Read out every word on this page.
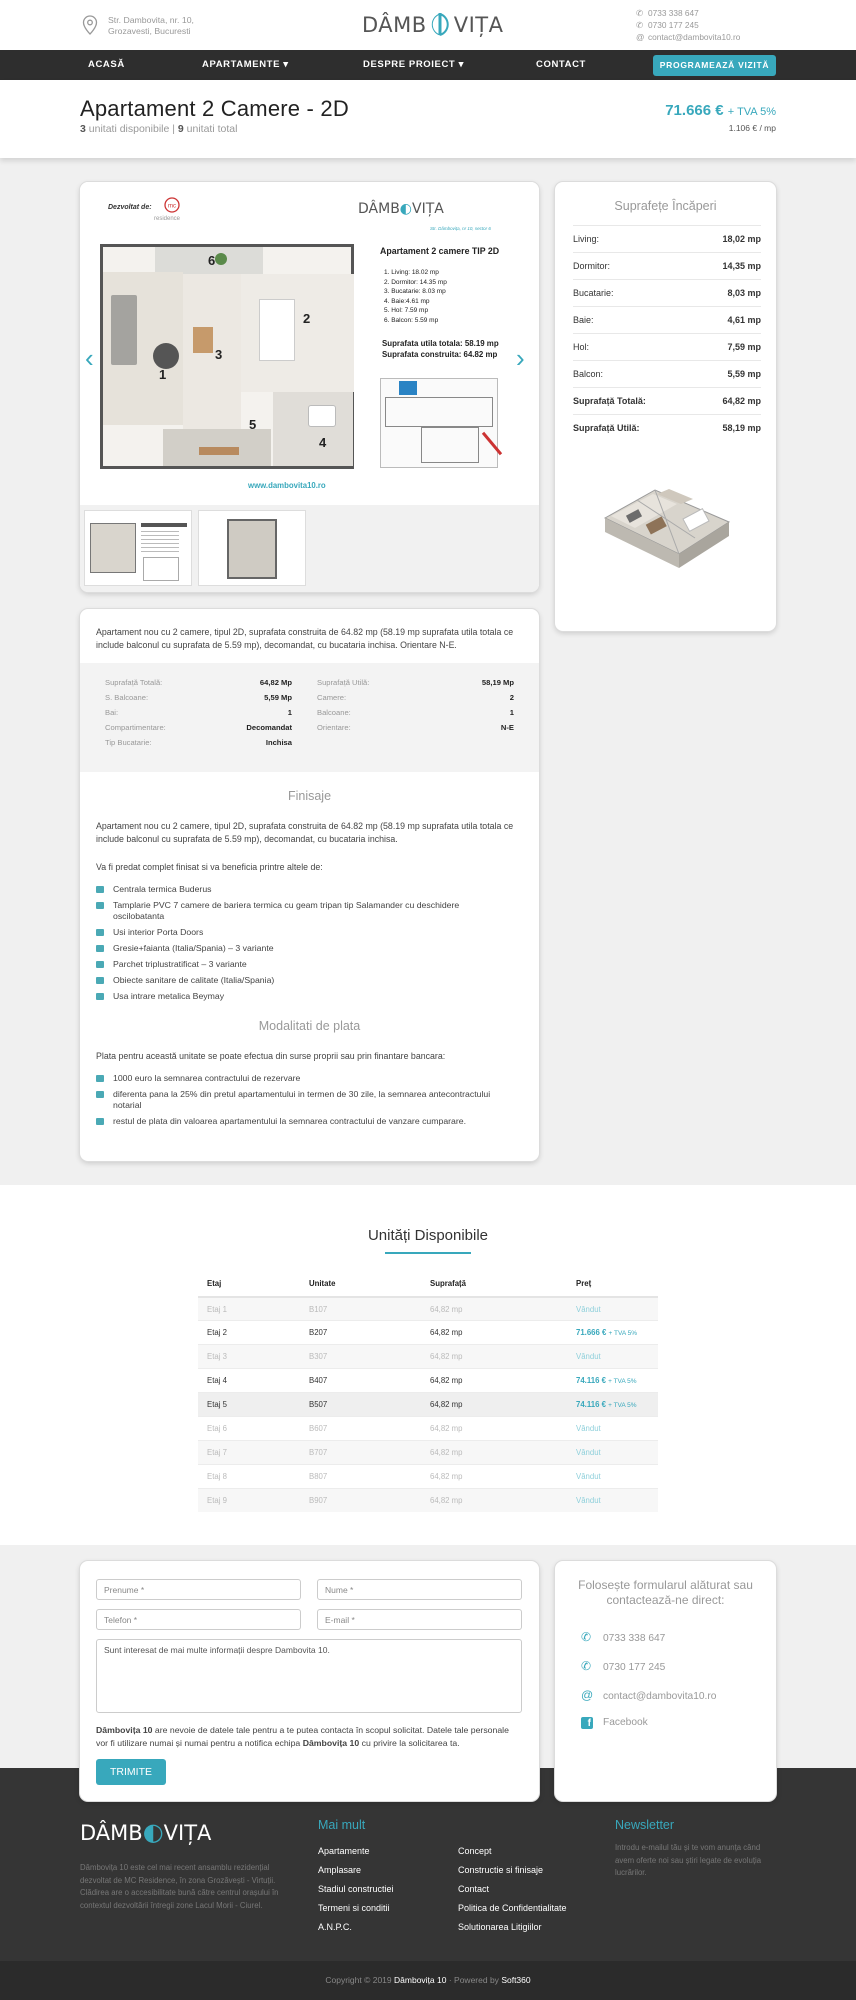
Str. Dambovita, nr. 10,
Grozavesti, Bucuresti	DÂMB VIȚA	✆ 0733 338 647
✆ 0730 177 245
@ contact@dambovita10.ro
ACASĂ	APARTAMENTE ▾	DESPRE PROIECT ▾	CONTACT	PROGRAMEAZĂ VIZITĂ
Apartament 2 Camere - 2D
3 unitati disponibile | 9 unitati total
71.666 € + TVA 5%
1.106 € / mp
Dezvoltat de:	mc
residence
DÂMB◐VIȚA
Str. Dâmbovița, nr 10, sector 6
6
2
3
1
5
4
Apartament 2 camere TIP 2D
1. Living: 18.02 mp
2. Dormitor: 14.35 mp
3. Bucatarie: 8.03 mp
4. Baie:4.61 mp
5. Hol: 7.59 mp
6. Balcon: 5.59 mp
Suprafata utila totala: 58.19 mp
Suprafata construita: 64.82 mp
www.dambovita10.ro
‹	›
Suprafețe Încăperi
Living:	18,02 mp
Dormitor:	14,35 mp
Bucatarie:	8,03 mp
Baie:	4,61 mp
Hol:	7,59 mp
Balcon:	5,59 mp
Suprafață Totală:	64,82 mp
Suprafață Utilă:	58,19 mp
Apartament nou cu 2 camere, tipul 2D, suprafata construita de 64.82 mp (58.19 mp suprafata utila totala ce include balconul cu suprafata de 5.59 mp), decomandat, cu bucataria inchisa. Orientare N-E.
Suprafață Totală:	64,82 Mp
S. Balcoane:	5,59 Mp
Bai:	1
Compartimentare:	Decomandat
Tip Bucatarie:	Inchisa
Suprafață Utilă:	58,19 Mp
Camere:	2
Balcoane:	1
Orientare:	N-E
Finisaje
Apartament nou cu 2 camere, tipul 2D, suprafata construita de 64.82 mp (58.19 mp suprafata utila totala ce include balconul cu suprafata de 5.59 mp), decomandat, cu bucataria inchisa.
Va fi predat complet finisat si va beneficia printre altele de:
Centrala termica Buderus
Tamplarie PVC 7 camere de bariera termica cu geam tripan tip Salamander cu deschidere oscilobatanta
Usi interior Porta Doors
Gresie+faianta (Italia/Spania) – 3 variante
Parchet triplustratificat – 3 variante
Obiecte sanitare de calitate (Italia/Spania)
Usa intrare metalica Beymay
Modalitati de plata
Plata pentru această unitate se poate efectua din surse proprii sau prin finantare bancara:
1000 euro la semnarea contractului de rezervare
diferenta pana la 25% din pretul apartamentului in termen de 30 zile, la semnarea antecontractului notarial
restul de plata din valoarea apartamentului la semnarea contractului de vanzare cumparare.
Unități Disponibile
Etaj	Unitate	Suprafață	Preț
Etaj 1	B107	64,82 mp	Vândut
Etaj 2	B207	64,82 mp	71.666 € + TVA 5%
Etaj 3	B307	64,82 mp	Vândut
Etaj 4	B407	64,82 mp	74.116 € + TVA 5%
Etaj 5	B507	64,82 mp	74.116 € + TVA 5%
Etaj 6	B607	64,82 mp	Vândut
Etaj 7	B707	64,82 mp	Vândut
Etaj 8	B807	64,82 mp	Vândut
Etaj 9	B907	64,82 mp	Vândut
DÂMB◐VIȚA
Dâmbovița 10 este cel mai recent ansamblu rezidențial dezvoltat de MC Residence, în zona Grozăvești - Virtuții. Clădirea are o accesibilitate bună către centrul orașului în contextul dezvoltării întregii zone Lacul Morii - Ciurel.
Mai mult
Apartamente
Amplasare
Stadiul constructiei
Termeni si conditii
A.N.P.C.
Concept
Constructie si finisaje
Contact
Politica de Confidentialitate
Solutionarea Litigiilor
Newsletter
Introdu e-mailul tău și te vom anunța când avem oferte noi sau știri legate de evoluția lucrărilor.
Copyright © 2019 Dâmbovița 10 · Powered by Soft360
Prenume *	Nume *
Telefon *	E-mail *
Sunt interesat de mai multe informații despre Dambovita 10.
Dâmbovița 10 are nevoie de datele tale pentru a te putea contacta în scopul solicitat. Datele tale personale vor fi utilizare numai și numai pentru a notifica echipa Dâmbovița 10 cu privire la solicitarea ta.
TRIMITE
Folosește formularul alăturat sau contactează-ne direct:
✆ 0733 338 647
✆ 0730 177 245
@ contact@dambovita10.ro
f Facebook
